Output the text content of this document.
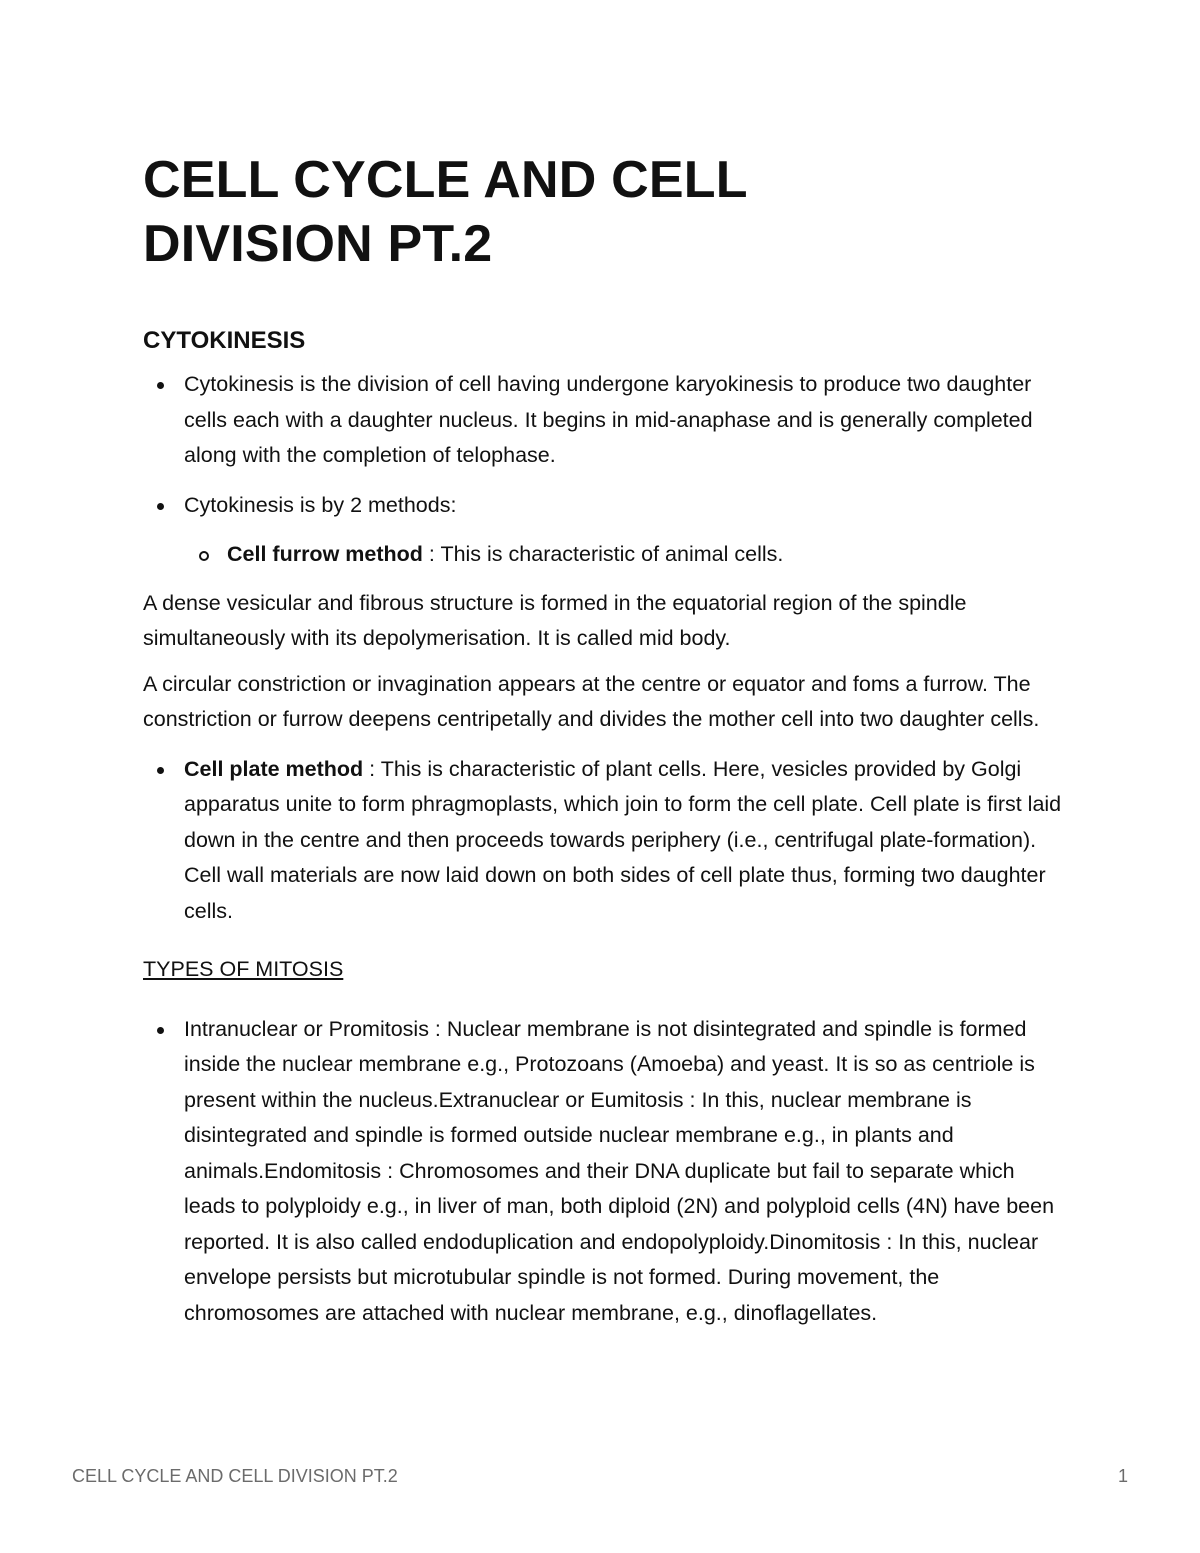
CELL CYCLE AND CELL
DIVISION PT.2
CYTOKINESIS
Cytokinesis is the division of cell having undergone karyokinesis to produce two daughter cells each with a daughter nucleus. It begins in mid-anaphase and is generally completed along with the completion of telophase.
Cytokinesis is by 2 methods:
Cell furrow method : This is characteristic of animal cells.

A dense vesicular and fibrous structure is formed in the equatorial region of the spindle simultaneously with its depolymerisation. It is called mid body.

A circular constriction or invagination appears at the centre or equator and foms a furrow. The constriction or furrow deepens centripetally and divides the mother cell into two daughter cells.

Cell plate method : This is characteristic of plant cells. Here, vesicles provided by Golgi apparatus unite to form phragmoplasts, which join to form the cell plate. Cell plate is first laid down in the centre and then proceeds towards periphery (i.e., centrifugal plate-formation). Cell wall materials are now laid down on both sides of cell plate thus, forming two daughter cells.

TYPES OF MITOSIS

Intranuclear or Promitosis : Nuclear membrane is not disintegrated and spindle is formed inside the nuclear membrane e.g., Protozoans (Amoeba) and yeast. It is so as centriole is present within the nucleus.Extranuclear or Eumitosis : In this, nuclear membrane is disintegrated and spindle is formed outside nuclear membrane e.g., in plants and animals.Endomitosis : Chromosomes and their DNA duplicate but fail to separate which leads to polyploidy e.g., in liver of man, both diploid (2N) and polyploid cells (4N) have been reported. It is also called endoduplication and endopolyploidy.Dinomitosis : In this, nuclear envelope persists but microtubular spindle is not formed. During movement, the chromosomes are attached with nuclear membrane, e.g., dinoflagellates.
CELL CYCLE AND CELL DIVISION PT.2	1
